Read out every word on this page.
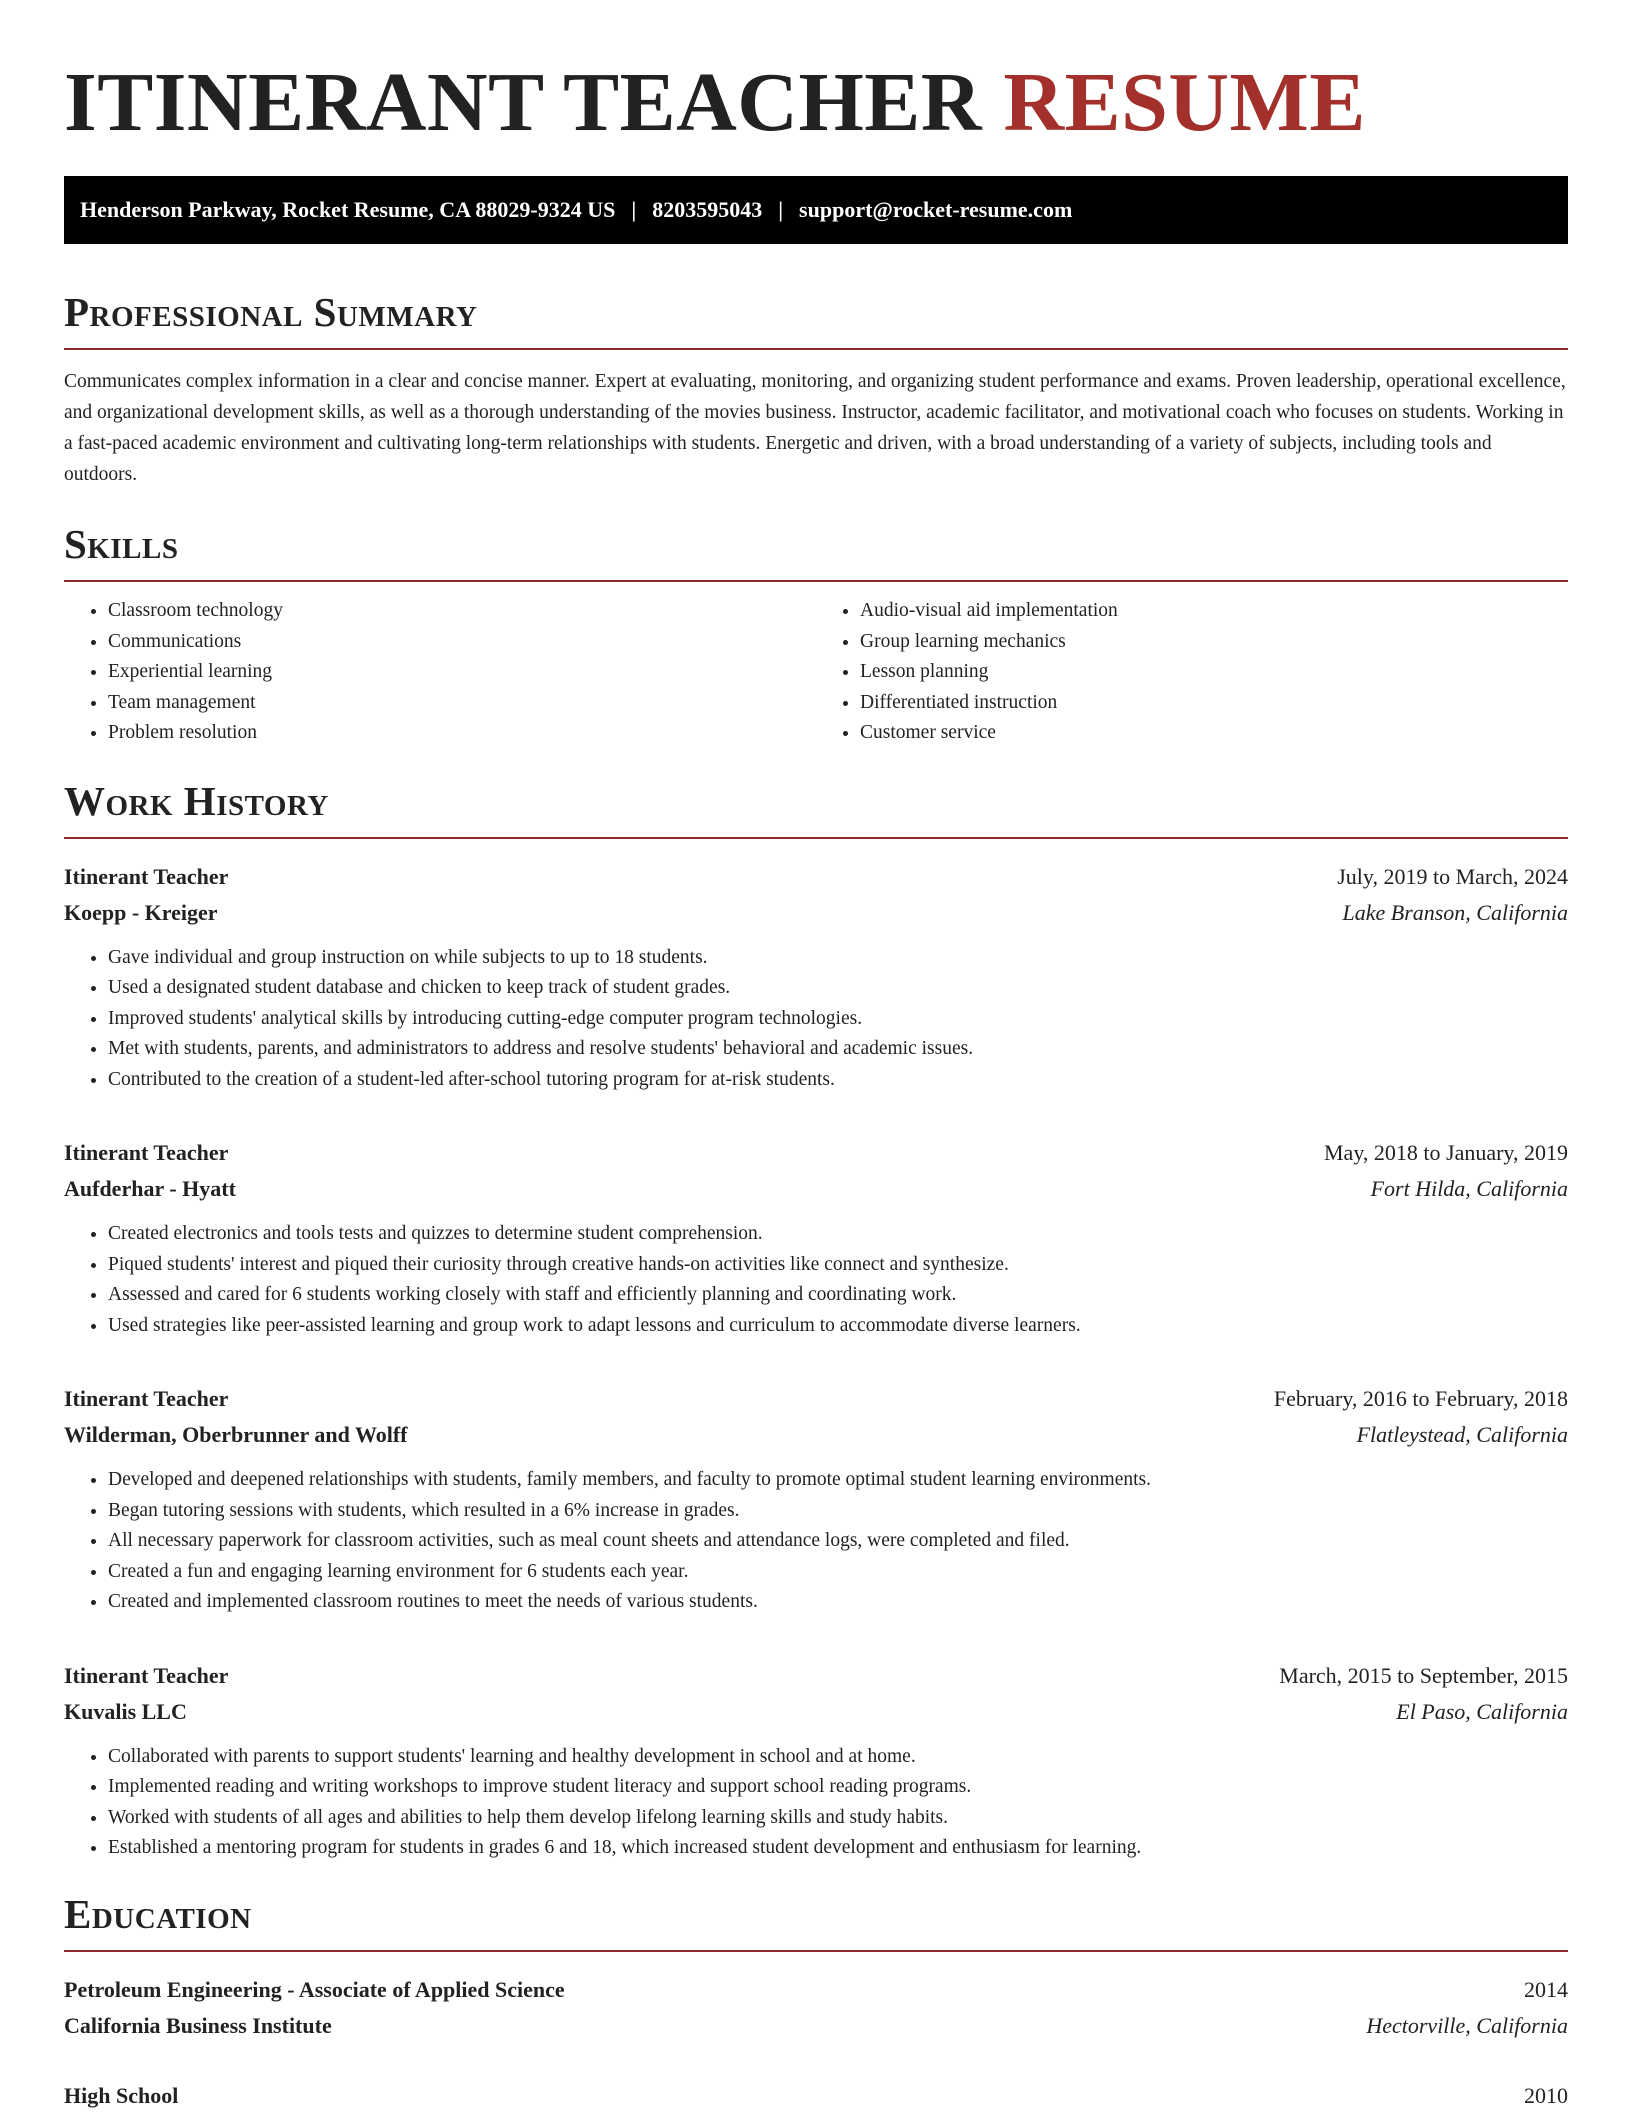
ITINERANT TEACHER RESUME
Henderson Parkway, Rocket Resume, CA 88029-9324 US | 8203595043 | support@rocket-resume.com
Professional Summary

Communicates complex information in a clear and concise manner. Expert at evaluating, monitoring, and organizing student performance and exams. Proven leadership, operational excellence, and organizational development skills, as well as a thorough understanding of the movies business. Instructor, academic facilitator, and motivational coach who focuses on students. Working in a fast-paced academic environment and cultivating long-term relationships with students. Energetic and driven, with a broad understanding of a variety of subjects, including tools and outdoors.

Skills
• Classroom technology
• Communications
• Experiential learning
• Team management
• Problem resolution
• Audio-visual aid implementation
• Group learning mechanics
• Lesson planning
• Differentiated instruction
• Customer service
Work History
Itinerant Teacher	July, 2019 to March, 2024
Koepp - Kreiger	Lake Branson, California
• Gave individual and group instruction on while subjects to up to 18 students.
• Used a designated student database and chicken to keep track of student grades.
• Improved students' analytical skills by introducing cutting-edge computer program technologies.
• Met with students, parents, and administrators to address and resolve students' behavioral and academic issues.
• Contributed to the creation of a student-led after-school tutoring program for at-risk students.
Itinerant Teacher	May, 2018 to January, 2019
Aufderhar - Hyatt	Fort Hilda, California
• Created electronics and tools tests and quizzes to determine student comprehension.
• Piqued students' interest and piqued their curiosity through creative hands-on activities like connect and synthesize.
• Assessed and cared for 6 students working closely with staff and efficiently planning and coordinating work.
• Used strategies like peer-assisted learning and group work to adapt lessons and curriculum to accommodate diverse learners.
Itinerant Teacher	February, 2016 to February, 2018
Wilderman, Oberbrunner and Wolff	Flatleystead, California
• Developed and deepened relationships with students, family members, and faculty to promote optimal student learning environments.
• Began tutoring sessions with students, which resulted in a 6% increase in grades.
• All necessary paperwork for classroom activities, such as meal count sheets and attendance logs, were completed and filed.
• Created a fun and engaging learning environment for 6 students each year.
• Created and implemented classroom routines to meet the needs of various students.
Itinerant Teacher	March, 2015 to September, 2015
Kuvalis LLC	El Paso, California
• Collaborated with parents to support students' learning and healthy development in school and at home.
• Implemented reading and writing workshops to improve student literacy and support school reading programs.
• Worked with students of all ages and abilities to help them develop lifelong learning skills and study habits.
• Established a mentoring program for students in grades 6 and 18, which increased student development and enthusiasm for learning.
Education
Petroleum Engineering - Associate of Applied Science	2014
California Business Institute	Hectorville, California
High School	2010
